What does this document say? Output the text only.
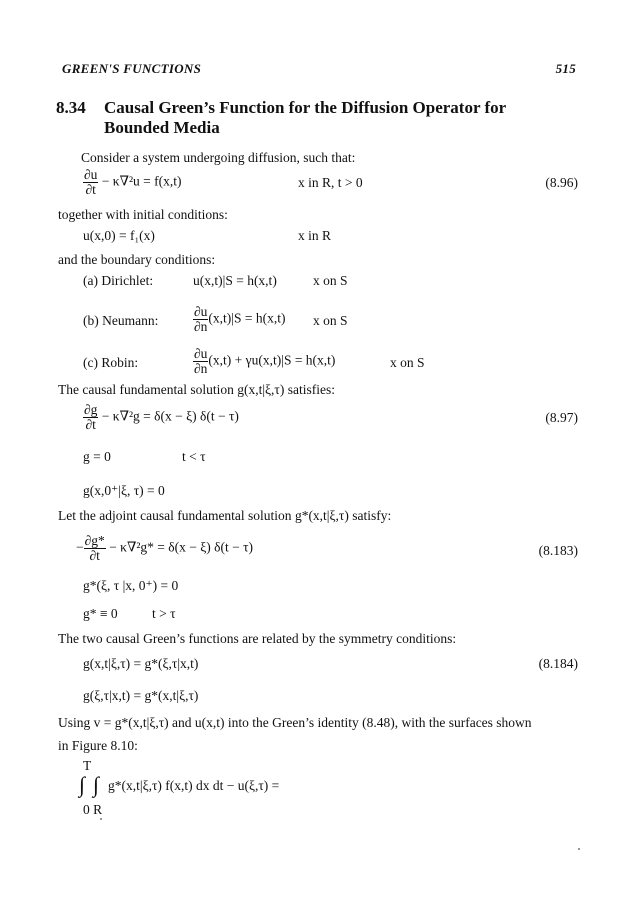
GREEN'S FUNCTIONS	515
8.34 Causal Green’s Function for the Diffusion Operator for
Bounded Media
Consider a system undergoing diffusion, such that:
$\frac{\partial u}{\partial t} - \kappa\nabla^2u = f(x,t)$	x in R, t > 0	(8.96)
together with initial conditions:
u(x,0) = f₁(x)	x in R
and the boundary conditions:
(a) Dirichlet:	u(x,t)|S = h(x,t)	x on S
(b) Neumann:	$\frac{\partial u}{\partial n} (x,t)|S = h(x,t)$ x on S
(c) Robin:	$\frac{\partial u}{\partial n} (x,t) + \gamma u(x,t)|S = h(x,t)$	x on S
The causal fundamental solution g(x,t|ξ,τ) satisfies:
$\frac{\partial g}{\partial t} - \kappa\nabla^2g = \delta(x - \xi) \delta(t - \tau)$	(8.97)
g = 0	t < τ
g(x,0⁺|ξ, τ) = 0
Let the adjoint causal fundamental solution g*(x,t|ξ,τ) satisfy:
− $\frac{\partial g*}{\partial t} - \kappa\nabla^2g* = \delta(x - \xi) \delta(t - \tau)$	(8.183)
g*(ξ, τ |x, 0⁺) = 0
g* ≡ 0	t > τ
The two causal Green’s functions are related by the symmetry conditions:
g(x,t|ξ,τ) = g*(ξ,τ|x,t)	(8.184)
g(ξ,τ|x,t) = g*(x,t|ξ,τ)
Using v = g*(x,t|ξ,τ) and u(x,t) into the Green’s identity (8.48), with the surfaces shown
in Figure 8.10:
T
∫ ∫ g*(x,t|ξ,τ) f(x,t) dx dt − u(ξ,τ) =
0 R
